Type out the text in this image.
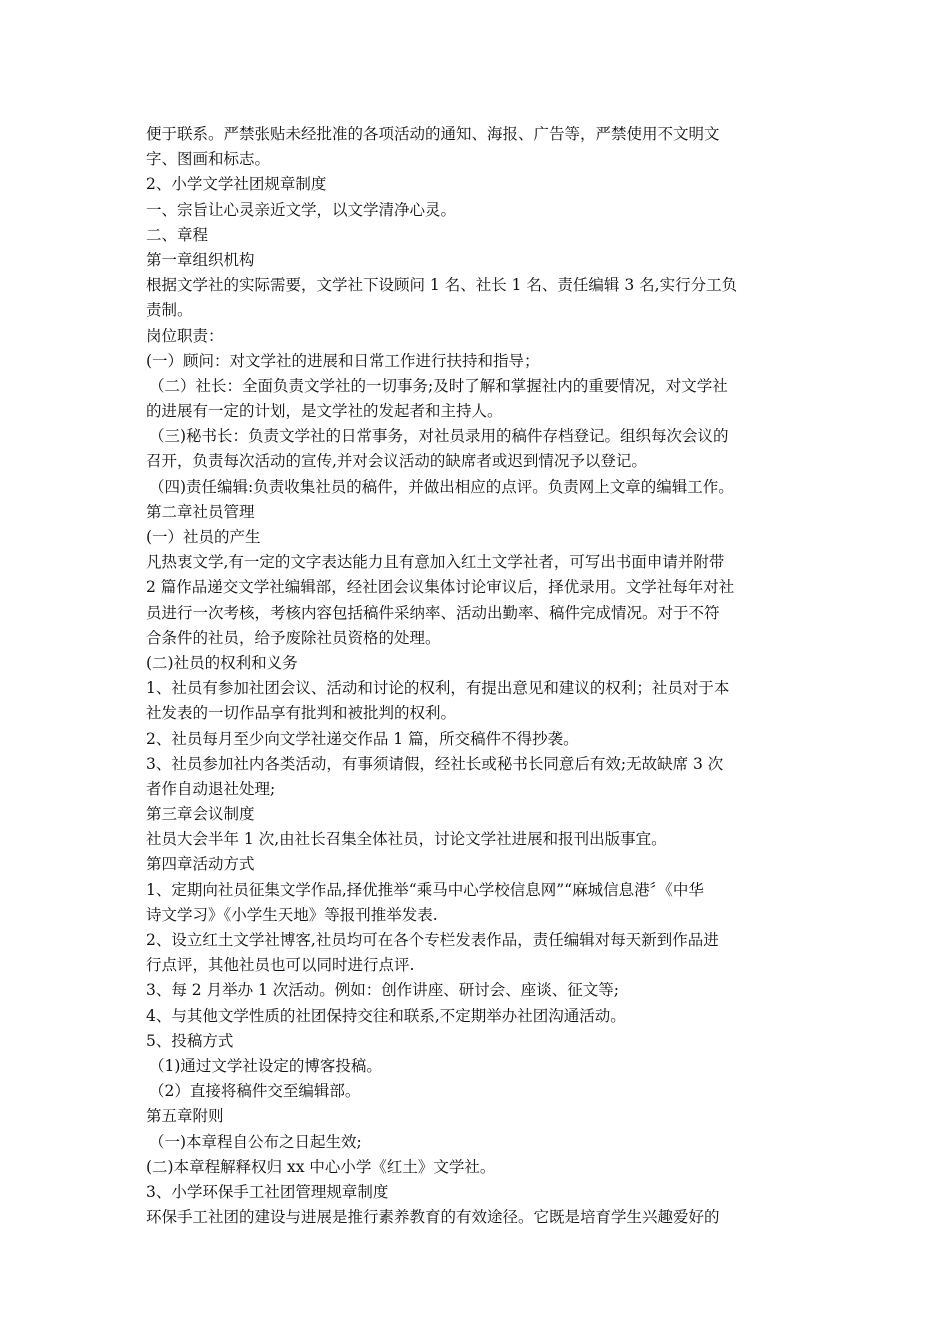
便于联系。严禁张贴未经批准的各项活动的通知、海报、广告等，严禁使用不文明文
字、图画和标志。
2、小学文学社团规章制度
一、宗旨让心灵亲近文学，以文学清净心灵。
二、章程
第一章组织机构
根据文学社的实际需要，文学社下设顾问 1 名、社长 1 名、责任编辑 3 名,实行分工负
责制。
岗位职责：
(一）顾问：对文学社的进展和日常工作进行扶持和指导；
（二）社长：全面负责文学社的一切事务;及时了解和掌握社内的重要情况，对文学社
的进展有一定的计划，是文学社的发起者和主持人。
（三)秘书长：负责文学社的日常事务，对社员录用的稿件存档登记。组织每次会议的
召开，负责每次活动的宣传,并对会议活动的缺席者或迟到情况予以登记。
（四)责任编辑:负责收集社员的稿件，并做出相应的点评。负责网上文章的编辑工作。
第二章社员管理
(一）社员的产生
凡热衷文学,有一定的文字表达能力且有意加入红土文学社者，可写出书面申请并附带
2 篇作品递交文学社编辑部，经社团会议集体讨论审议后，择优录用。文学社每年对社
员进行一次考核，考核内容包括稿件采纳率、活动出勤率、稿件完成情况。对于不符
合条件的社员，给予废除社员资格的处理。
(二)社员的权利和义务
1、社员有参加社团会议、活动和讨论的权利，有提出意见和建议的权利；社员对于本
社发表的一切作品享有批判和被批判的权利。
2、社员每月至少向文学社递交作品 1 篇，所交稿件不得抄袭。
3、社员参加社内各类活动，有事须请假，经社长或秘书长同意后有效;无故缺席 3 次
者作自动退社处理;
第三章会议制度
社员大会半年 1 次,由社长召集全体社员，讨论文学社进展和报刊出版事宜。
第四章活动方式
1、定期向社员征集文学作品,择优推举“乘马中心学校信息网”“麻城信息港〞《中华
诗文学习》《小学生天地》等报刊推举发表.
2、设立红土文学社博客,社员均可在各个专栏发表作品，责任编辑对每天新到作品进
行点评，其他社员也可以同时进行点评.
3、每 2 月举办 1 次活动。例如：创作讲座、研讨会、座谈、征文等;
4、与其他文学性质的社团保持交往和联系,不定期举办社团沟通活动。
5、投稿方式
（1)通过文学社设定的博客投稿。
（2）直接将稿件交至编辑部。
第五章附则
（一)本章程自公布之日起生效;
(二)本章程解释权归 xx 中心小学《红土》文学社。
3、小学环保手工社团管理规章制度
环保手工社团的建设与进展是推行素养教育的有效途径。它既是培育学生兴趣爱好的
